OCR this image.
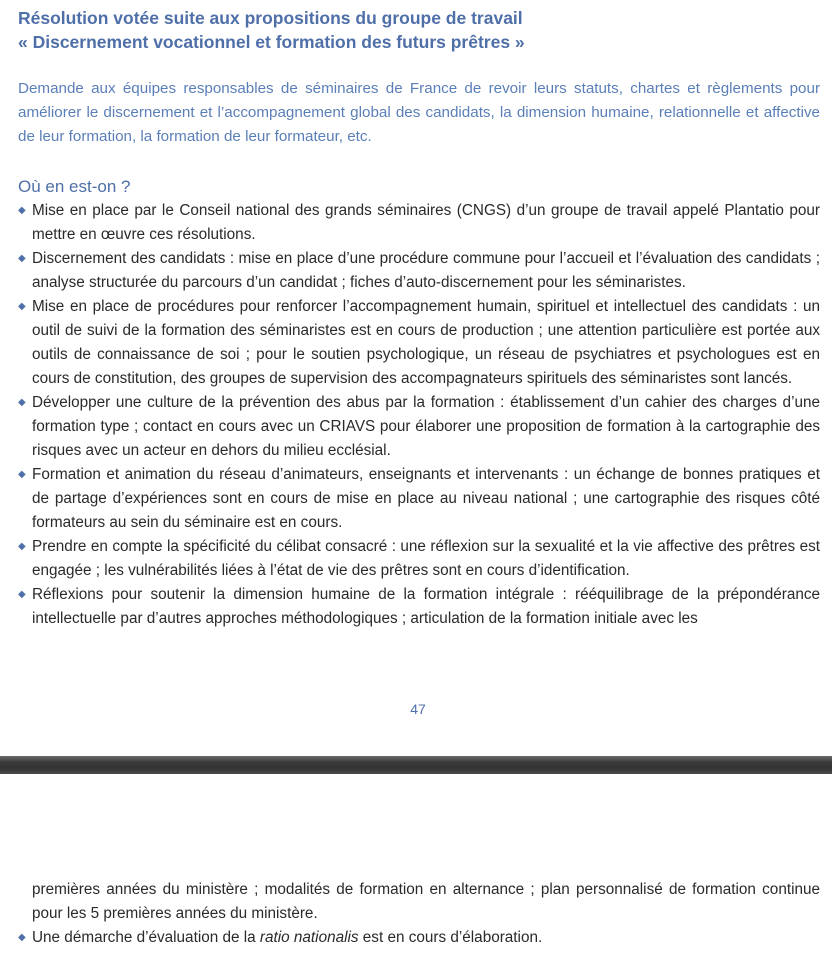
Résolution votée suite aux propositions du groupe de travail
« Discernement vocationnel et formation des futurs prêtres »

Demande aux équipes responsables de séminaires de France de revoir leurs statuts, chartes et règlements pour améliorer le discernement et l’accompagnement global des candidats, la dimension humaine, relationnelle et affective de leur formation, la formation de leur formateur, etc.

Où en est-on ?
◆ Mise en place par le Conseil national des grands séminaires (CNGS) d’un groupe de travail appelé Plantatio pour mettre en œuvre ces résolutions.
◆ Discernement des candidats : mise en place d’une procédure commune pour l’accueil et l’évaluation des candidats ; analyse structurée du parcours d’un candidat ; fiches d’auto-discernement pour les séminaristes.
◆ Mise en place de procédures pour renforcer l’accompagnement humain, spirituel et intellectuel des candidats : un outil de suivi de la formation des séminaristes est en cours de production ; une attention particulière est portée aux outils de connaissance de soi ; pour le soutien psychologique, un réseau de psychiatres et psychologues est en cours de constitution, des groupes de supervision des accompagnateurs spirituels des séminaristes sont lancés.
◆ Développer une culture de la prévention des abus par la formation : établissement d’un cahier des charges d’une formation type ; contact en cours avec un CRIAVS pour élaborer une proposition de formation à la cartographie des risques avec un acteur en dehors du milieu ecclésial.
◆ Formation et animation du réseau d’animateurs, enseignants et intervenants : un échange de bonnes pratiques et de partage d’expériences sont en cours de mise en place au niveau national ; une cartographie des risques côté formateurs au sein du séminaire est en cours.
◆ Prendre en compte la spécificité du célibat consacré : une réflexion sur la sexualité et la vie affective des prêtres est engagée ; les vulnérabilités liées à l’état de vie des prêtres sont en cours d’identification.
◆ Réflexions pour soutenir la dimension humaine de la formation intégrale : rééquilibrage de la prépondérance intellectuelle par d’autres approches méthodologiques ; articulation de la formation initiale avec les
47

premières années du ministère ; modalités de formation en alternance ; plan personnalisé de formation continue pour les 5 premières années du ministère.

◆ Une démarche d’évaluation de la ratio nationalis est en cours d’élaboration.
